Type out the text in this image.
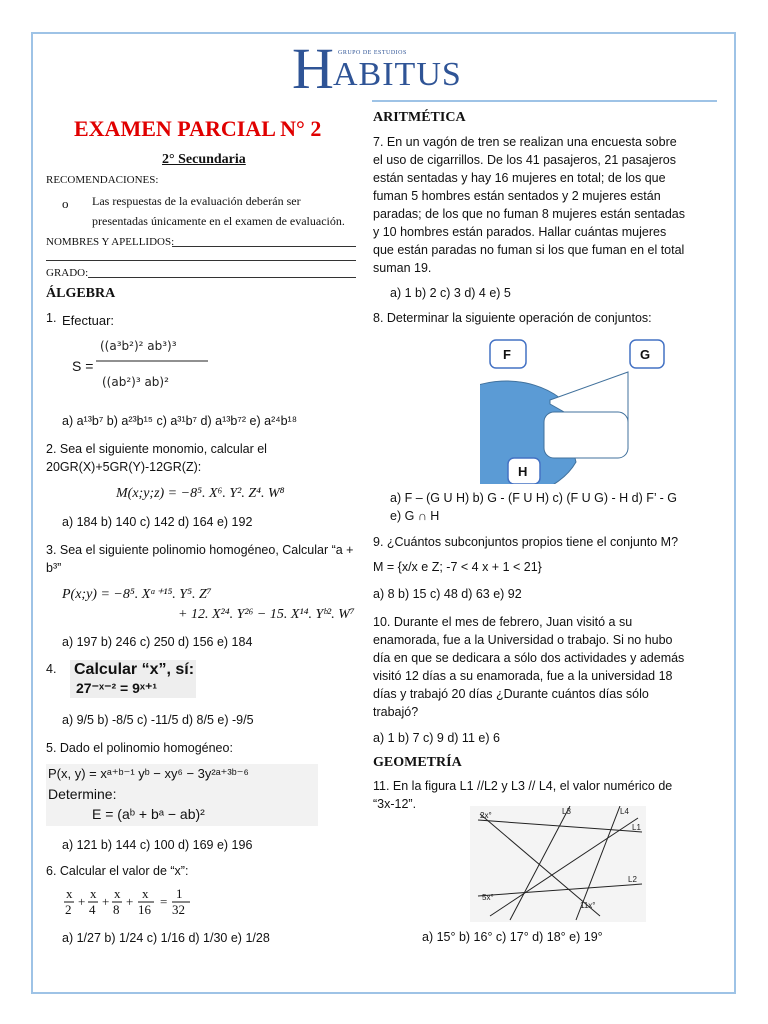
H GRUPO DE ESTUDIOS
ABITUS
EXAMEN PARCIAL N° 2
2° Secundaria
RECOMENDACIONES:
o Las respuestas de la evaluación deberán ser
presentadas únicamente en el examen de evaluación.
NOMBRES Y APELLIDOS:
GRADO:
ÁLGEBRA
1. Efectuar:
S =
((a³b²)² ab³)³
((ab²)³ ab)²
a) a¹³b⁷ b) a²³b¹⁵ c) a³¹b⁷ d) a¹³b⁷² e) a²⁴b¹⁸
2. Sea el siguiente monomio, calcular el
20GR(X)+5GR(Y)-12GR(Z):
M(x;y;z) = −8⁵. X⁶. Y². Z⁴. W⁸
a) 184 b) 140 c) 142 d) 164 e) 192
3. Sea el siguiente polinomio homogéneo, Calcular “a +
b³”
P(x;y) = −8⁵. Xᵃ⁺¹⁵. Y⁵. Z⁷
+ 12. X²⁴. Y²⁶ − 15. X¹⁴. Yᵇ². W⁷
a) 197 b) 246 c) 250 d) 156 e) 184
4. Calcular “x”, sí:
27⁻ˣ⁻² = 9ˣ⁺¹
a) 9/5 b) -8/5 c) -11/5 d) 8/5 e) -9/5
5. Dado el polinomio homogéneo:
P(x, y) = xᵃ⁺ᵇ⁻¹ yᵇ − xy⁶ − 3y²ᵃ⁺³ᵇ⁻⁶
Determine:
E = (aᵇ + bᵃ − ab)²
a) 121 b) 144 c) 100 d) 169 e) 196
6. Calcular el valor de “x”:
x
2
+
x
4
+
x
8
+
x
16
=
1
32
a) 1/27 b) 1/24 c) 1/16 d) 1/30 e) 1/28
ARITMÉTICA
7. En un vagón de tren se realizan una encuesta sobre
el uso de cigarrillos. De los 41 pasajeros, 21 pasajeros
están sentadas y hay 16 mujeres en total; de los que
fuman 5 hombres están sentados y 2 mujeres están
paradas; de los que no fuman 8 mujeres están sentadas
y 10 hombres están parados. Hallar cuántas mujeres
que están paradas no fuman si los que fuman en el total
suman 19.
a) 1 b) 2 c) 3 d) 4 e) 5
8. Determinar la siguiente operación de conjuntos:
F	G
H
a) F – (G U H) b) G - (F U H) c) (F U G) - H d) F’ - G
e) G ∩ H
9. ¿Cuántos subconjuntos propios tiene el conjunto M?
M = {x/x e Z; -7 < 4 x + 1 < 21}
a) 8 b) 15 c) 48 d) 63 e) 92
10. Durante el mes de febrero, Juan visitó a su
enamorada, fue a la Universidad o trabajo. Si no hubo
día en que se dedicara a sólo dos actividades y además
visitó 12 días a su enamorada, fue a la universidad 18
días y trabajó 20 días ¿Durante cuántos días sólo
trabajó?
a) 1 b) 7 c) 9 d) 11 e) 6
GEOMETRÍA
11. En la figura L1 //L2 y L3 // L4, el valor numérico de
“3x-12”.
L3	L4
L1
L2
2x°
5x°
11x°
a) 15° b) 16° c) 17° d) 18° e) 19°
